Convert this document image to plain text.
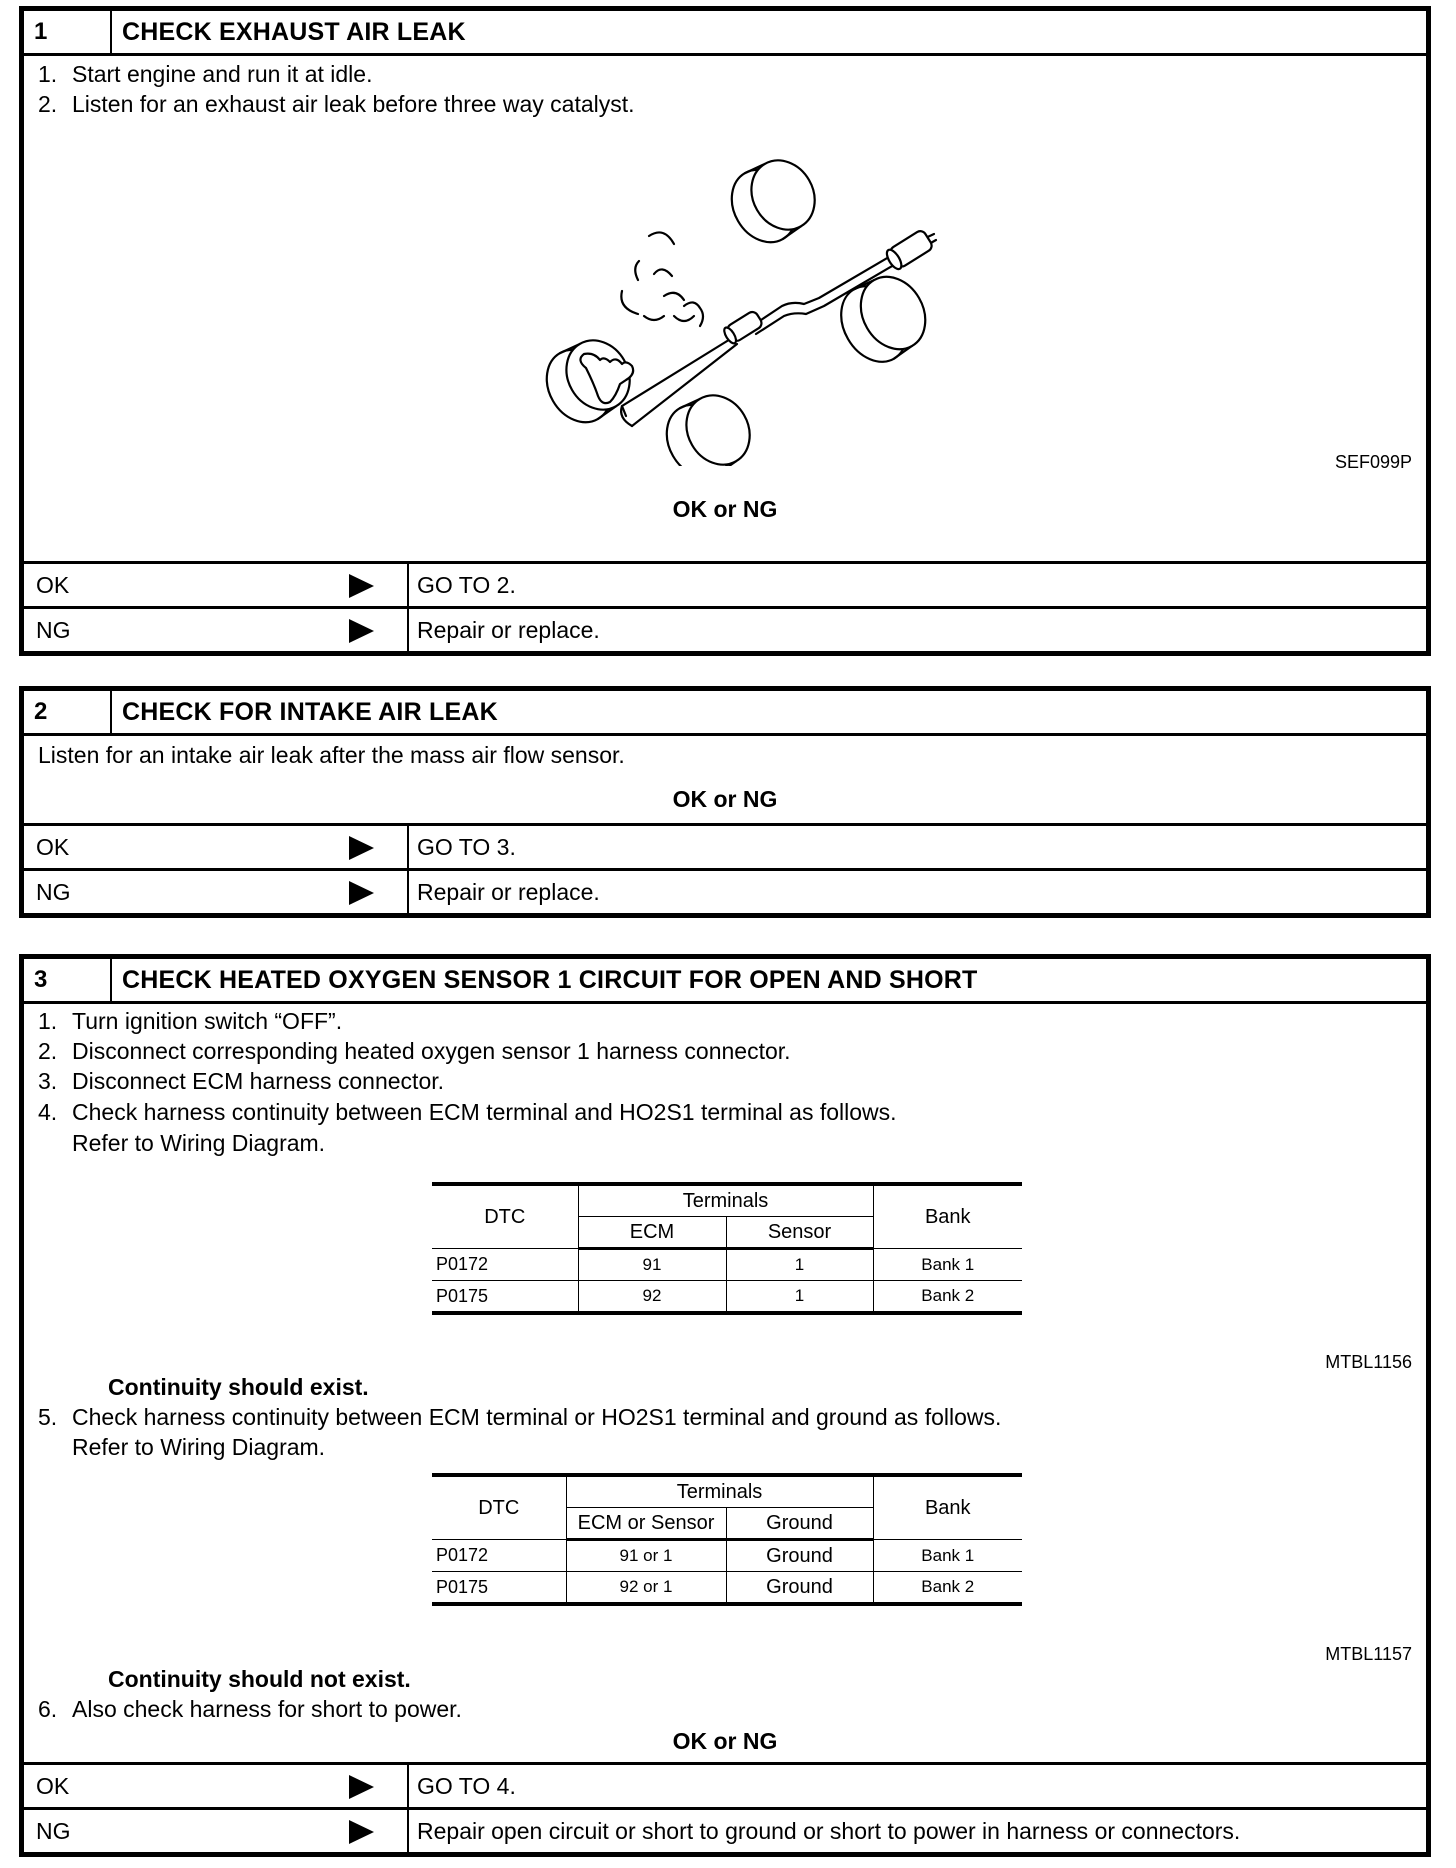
1	CHECK EXHAUST AIR LEAK
1. Start engine and run it at idle.
2. Listen for an exhaust air leak before three way catalyst.
SEF099P
OK or NG
OK	GO TO 2.
NG	Repair or replace.
2	CHECK FOR INTAKE AIR LEAK
Listen for an intake air leak after the mass air flow sensor.
OK or NG
OK	GO TO 3.
NG	Repair or replace.
3	CHECK HEATED OXYGEN SENSOR 1 CIRCUIT FOR OPEN AND SHORT
1. Turn ignition switch “OFF”.
2. Disconnect corresponding heated oxygen sensor 1 harness connector.
3. Disconnect ECM harness connector.
4. Check harness continuity between ECM terminal and HO2S1 terminal as follows.
Refer to Wiring Diagram.
DTC	Terminals		Bank
	ECM	Sensor	
P0172	91	1	Bank 1
P0175	92	1	Bank 2
MTBL1156
Continuity should exist.
5. Check harness continuity between ECM terminal or HO2S1 terminal and ground as follows.
Refer to Wiring Diagram.
DTC	Terminals		Bank
	ECM or Sensor	Ground	
P0172	91 or 1	Ground	Bank 1
P0175	92 or 1	Ground	Bank 2
MTBL1157
Continuity should not exist.
6. Also check harness for short to power.
OK or NG
OK	GO TO 4.
NG	Repair open circuit or short to ground or short to power in harness or connectors.
